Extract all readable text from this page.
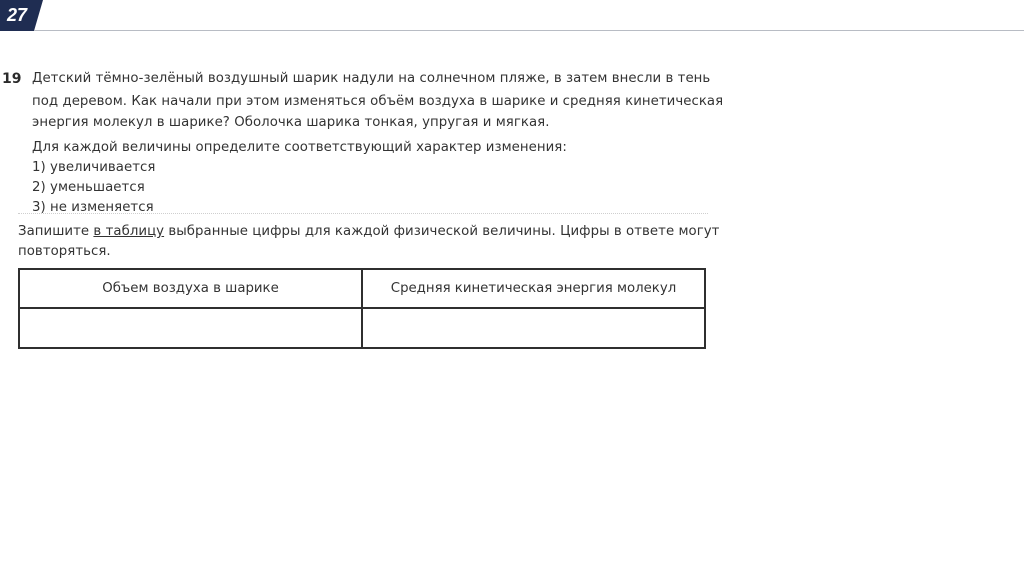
27
19 Детский тёмно-зелёный воздушный шарик надули на солнечном пляже, в затем внесли в тень
под деревом. Как начали при этом изменяться объём воздуха в шарике и средняя кинетическая
энергия молекул в шарике? Оболочка шарика тонкая, упругая и мягкая.
Для каждой величины определите соответствующий характер изменения:
1) увеличивается
2) уменьшается
3) не изменяется
Запишите в таблицу выбранные цифры для каждой физической величины. Цифры в ответе могут
повторяться.
Объем воздуха в шарике	Средняя кинетическая энергия молекул
